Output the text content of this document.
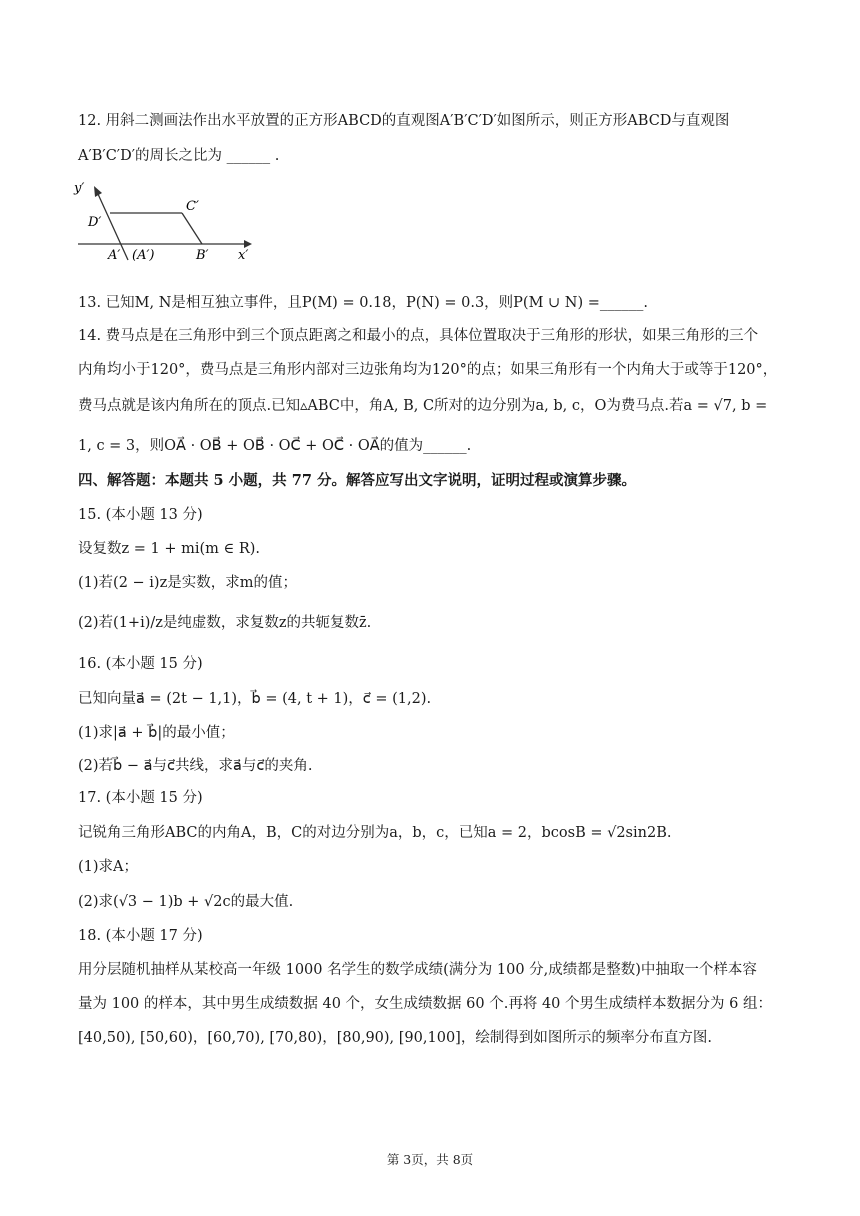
12. 用斜二测画法作出水平放置的正方形ABCD的直观图A′B′C′D′如图所示，则正方形ABCD与直观图
A′B′C′D′的周长之比为 ______ .
y′
D′
C′
A′ (A′)	B′ x′
13. 已知M, N是相互独立事件，且P(M) = 0.18，P(N) = 0.3，则P(M ∪ N) =______.
14. 费马点是在三角形中到三个顶点距离之和最小的点，具体位置取决于三角形的形状，如果三角形的三个
内角均小于120°，费马点是三角形内部对三边张角均为120°的点；如果三角形有一个内角大于或等于120°，
费马点就是该内角所在的顶点.已知▵ABC中，角A, B, C所对的边分别为a, b, c，O为费马点.若a = √7, b =
1, c = 3，则OA⃗ · OB⃗ + OB⃗ · OC⃗ + OC⃗ · OA⃗的值为______.
四、解答题：本题共 5 小题，共 77 分。解答应写出文字说明，证明过程或演算步骤。
15. (本小题 13 分)
设复数z = 1 + mi(m ∈ R).
(1)若(2 − i)z是实数，求m的值；
(2)若(1+i)/z是纯虚数，求复数z的共轭复数z̄.
16. (本小题 15 分)
已知向量a⃗ = (2t − 1,1)，b⃗ = (4, t + 1)，c⃗ = (1,2).
(1)求|a⃗ + b⃗|的最小值；
(2)若b⃗ − a⃗与c⃗共线，求a⃗与c⃗的夹角.
17. (本小题 15 分)
记锐角三角形ABC的内角A，B，C的对边分别为a，b，c，已知a = 2，bcosB = √2sin2B.
(1)求A；
(2)求(√3 − 1)b + √2c的最大值.
18. (本小题 17 分)
用分层随机抽样从某校高一年级 1000 名学生的数学成绩(满分为 100 分,成绩都是整数)中抽取一个样本容
量为 100 的样本，其中男生成绩数据 40 个，女生成绩数据 60 个.再将 40 个男生成绩样本数据分为 6 组：
[40,50), [50,60)，[60,70), [70,80)，[80,90), [90,100]，绘制得到如图所示的频率分布直方图.
第 3页，共 8页
